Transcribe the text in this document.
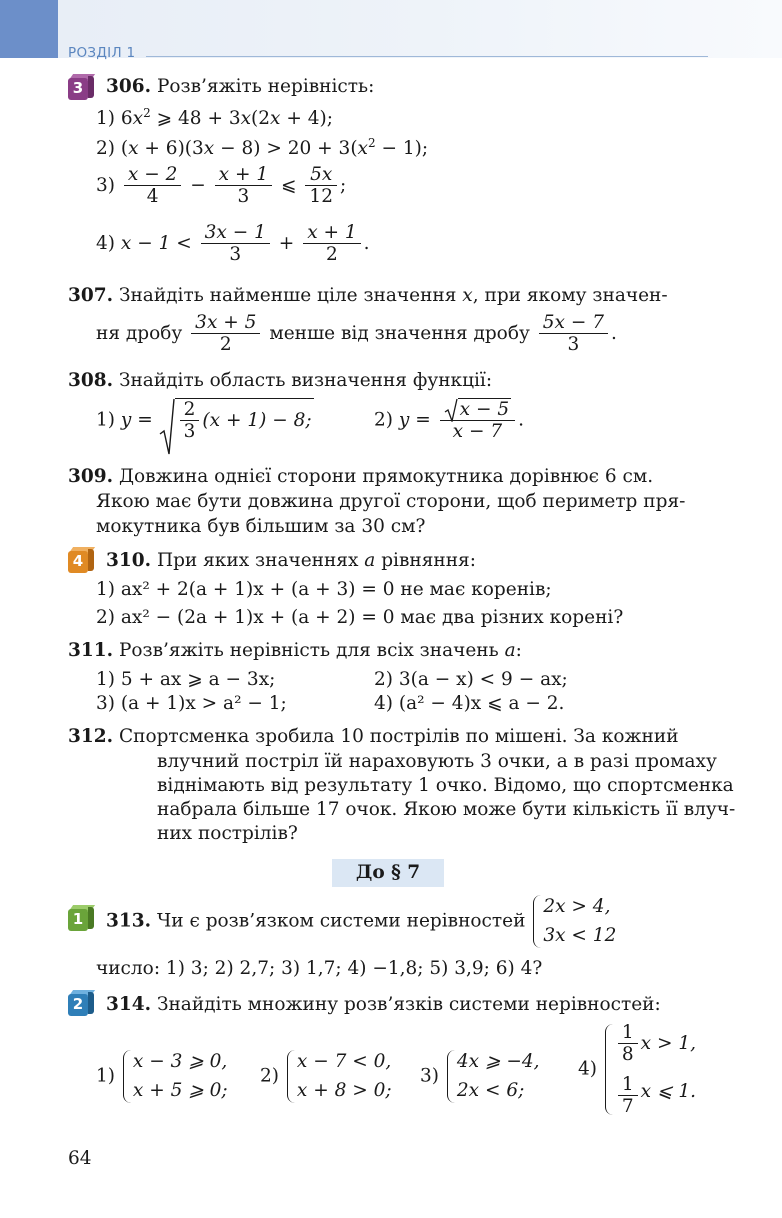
РОЗДІЛ 1
3 306. Розв’яжіть нерівність:
1) $6x^2$ ⩾ 48 + 3x(2x + 4);
2) $(x + 6)(3x - 8) > 20 + 3(x^2 - 1)$;
$3) \frac{x - 2}{4} - \frac{x + 1}{3}$ ⩽ $\frac{5x}{12}$ ;
4) $x - 1 < \frac{3x - 1}{3} + \frac{x + 1}{2}$ .
307. Знайдіть найменше ціле значення x, при якому значен-
ня дробу $\frac{3x + 5}{2}$ менше від значення дробу $\frac{5x - 7}{3}$ .
308. Знайдіть область визначення функції:
1) $y = \frac{2}{3} (x + 1) - 8$;	2) $y = \frac{x - 5}{x - 7}$ .
309. Довжина однієї сторони прямокутника дорівнює 6 см.
Якою має бути довжина другої сторони, щоб периметр пря-
мокутника був більшим за 30 см?
4 310. При яких значеннях a рівняння:
1) ax² + 2(a + 1)x + (a + 3) = 0 не має коренів;
2) ax² − (2a + 1)x + (a + 2) = 0 має два різних корені?
311. Розв’яжіть нерівність для всіх значень a:
1) 5 + ax ⩾ a − 3x;	2) 3(a − x) < 9 − ax;
3) (a + 1)x > a² − 1;	4) (a² − 4)x ⩽ a − 2.
312. Спортсменка зробила 10 пострілів по мішені. За кожний
влучний постріл їй нараховують 3 очки, а в разі промаху
віднімають від результату 1 очко. Відомо, що спортсменка
набрала більше 17 очок. Якою може бути кількість її влуч-
них пострілів?
До § 7
1 313. Чи є розв’язком системи нерівностей 2x > 4,
3x < 12
число: 1) 3; 2) 2,7; 3) 1,7; 4) −1,8; 5) 3,9; 6) 4?
2 314. Знайдіть множину розв’язків системи нерівностей:
1) x − 3 ⩾ 0,
x + 5 ⩾ 0;
2) x − 7 < 0,
x + 8 > 0;
3) 4x ⩾ −4,
2x < 6;
4)
$\frac{1}{8}$ x > 1,

$\frac{1}{7}$ x ⩽ 1.
64
